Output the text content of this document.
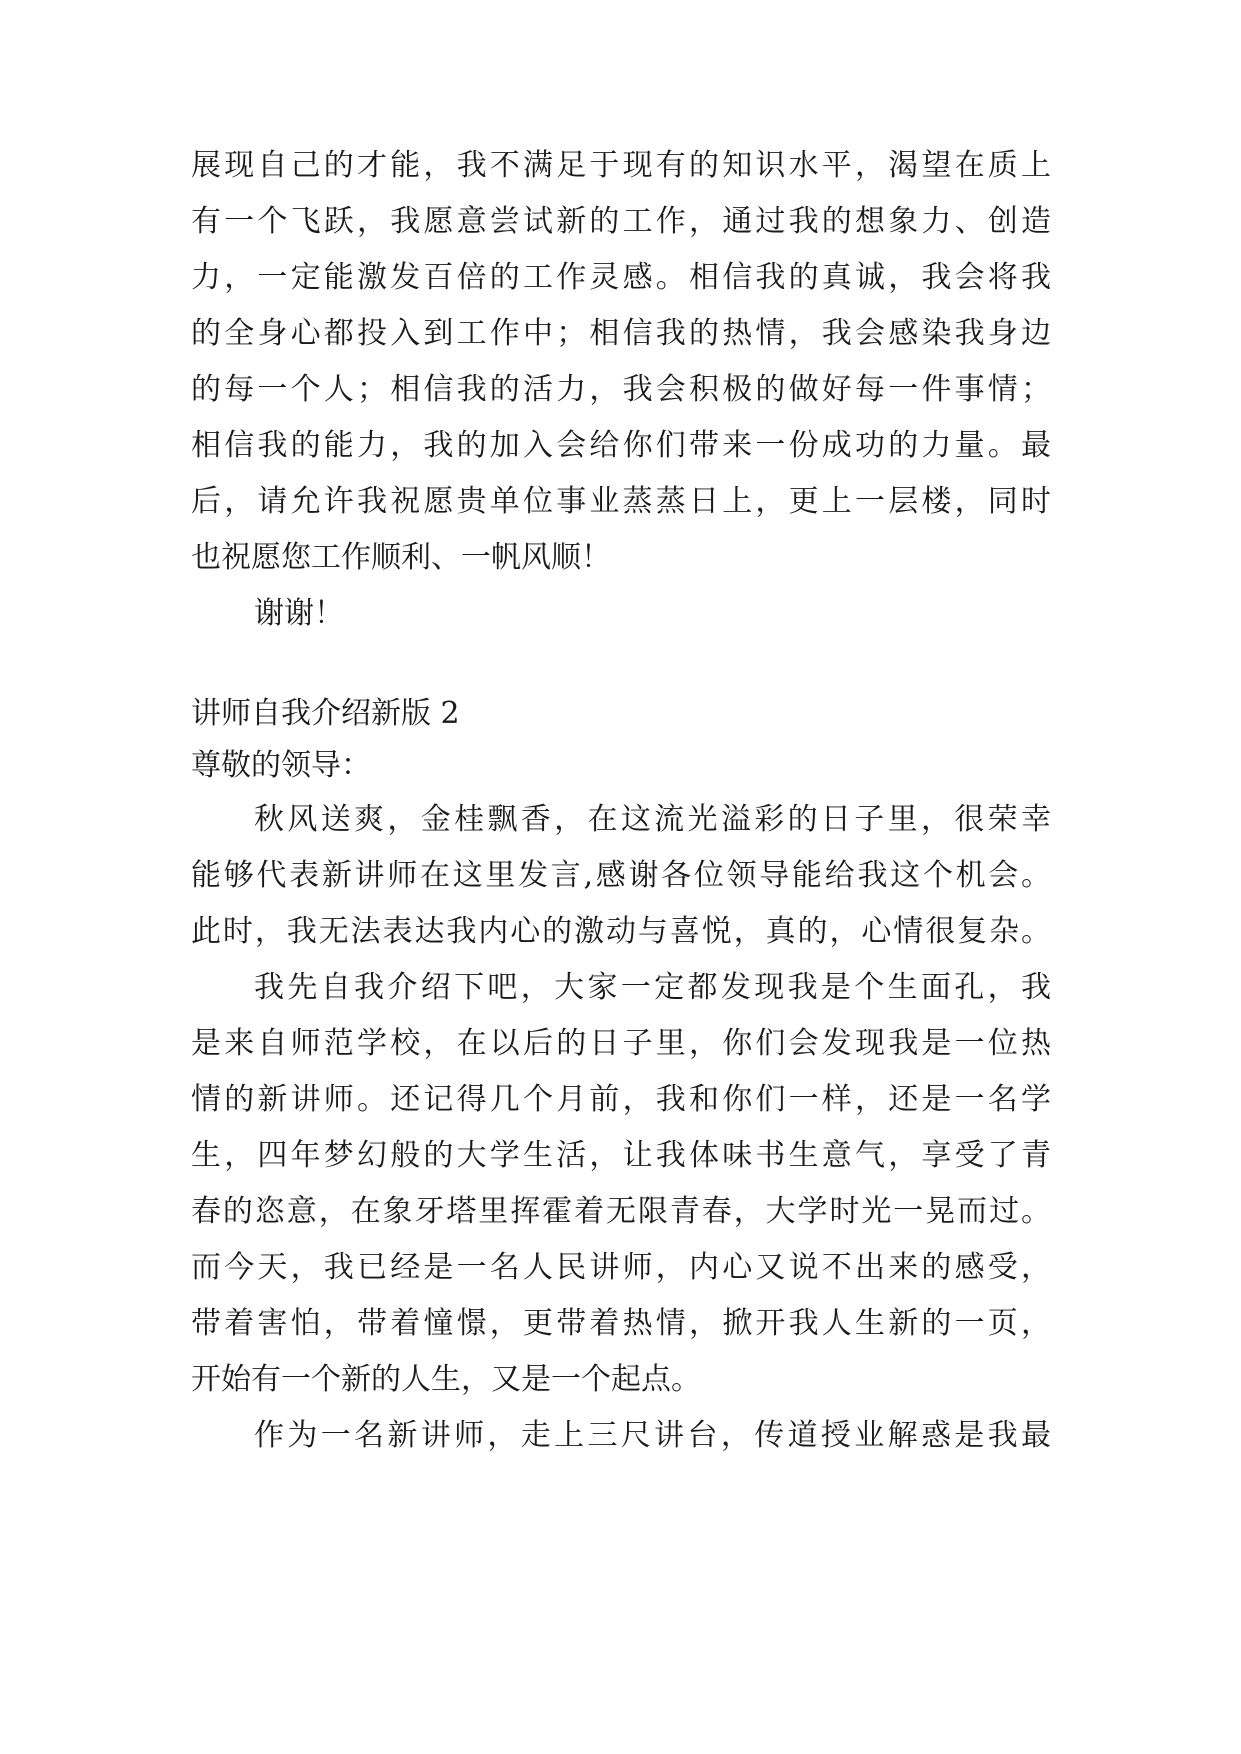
展现自己的才能，我不满足于现有的知识水平，渴望在质上
有一个飞跃，我愿意尝试新的工作，通过我的想象力、创造
力，一定能激发百倍的工作灵感。相信我的真诚，我会将我
的全身心都投入到工作中；相信我的热情，我会感染我身边
的每一个人；相信我的活力，我会积极的做好每一件事情；
相信我的能力，我的加入会给你们带来一份成功的力量。最
后，请允许我祝愿贵单位事业蒸蒸日上，更上一层楼，同时
也祝愿您工作顺利、一帆风顺！
谢谢！
讲师自我介绍新版 2
尊敬的领导：
秋风送爽，金桂飘香，在这流光溢彩的日子里，很荣幸
能够代表新讲师在这里发言,感谢各位领导能给我这个机会。
此时，我无法表达我内心的激动与喜悦，真的，心情很复杂。
我先自我介绍下吧，大家一定都发现我是个生面孔，我
是来自师范学校，在以后的日子里，你们会发现我是一位热
情的新讲师。还记得几个月前，我和你们一样，还是一名学
生，四年梦幻般的大学生活，让我体味书生意气，享受了青
春的恣意，在象牙塔里挥霍着无限青春，大学时光一晃而过。
而今天，我已经是一名人民讲师，内心又说不出来的感受，
带着害怕，带着憧憬，更带着热情，掀开我人生新的一页，
开始有一个新的人生，又是一个起点。
作为一名新讲师，走上三尺讲台，传道授业解惑是我最
